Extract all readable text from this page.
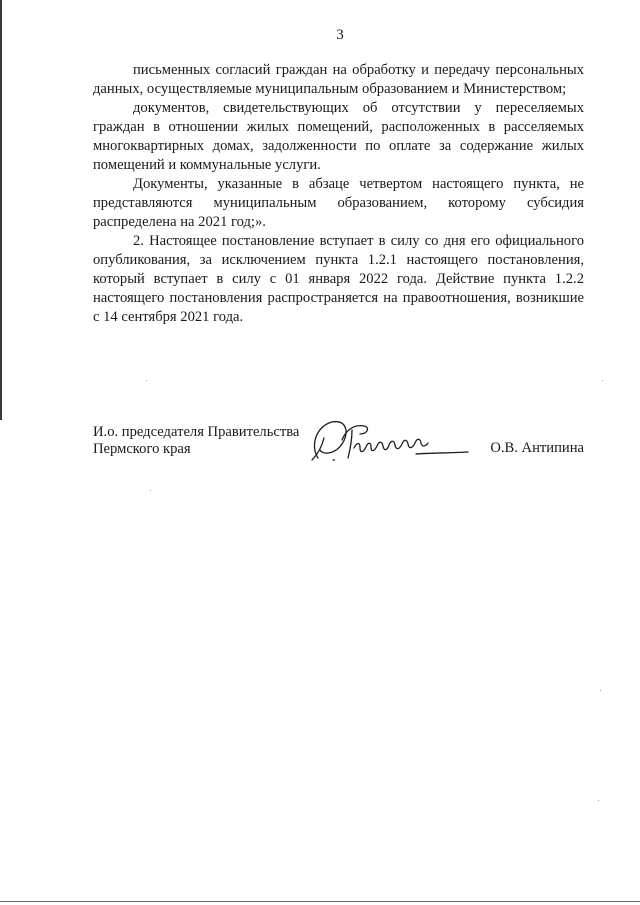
3

письменных согласий граждан на обработку и передачу персональных данных, осуществляемые муниципальным образованием и Министерством;

документов, свидетельствующих об отсутствии у переселяемых граждан в отношении жилых помещений, расположенных в расселяемых многоквартирных домах, задолженности по оплате за содержание жилых помещений и коммунальные услуги.

Документы, указанные в абзаце четвертом настоящего пункта, не представляются муниципальным образованием, которому субсидия распределена на 2021 год;».

2. Настоящее постановление вступает в силу со дня его официального опубликования, за исключением пункта 1.2.1 настоящего постановления, который вступает в силу с 01 января 2022 года. Действие пункта 1.2.2 настоящего постановления распространяется на правоотношения, возникшие с 14 сентября 2021 года.

И.о. председателя Правительства
Пермского края	О.В. Антипина
